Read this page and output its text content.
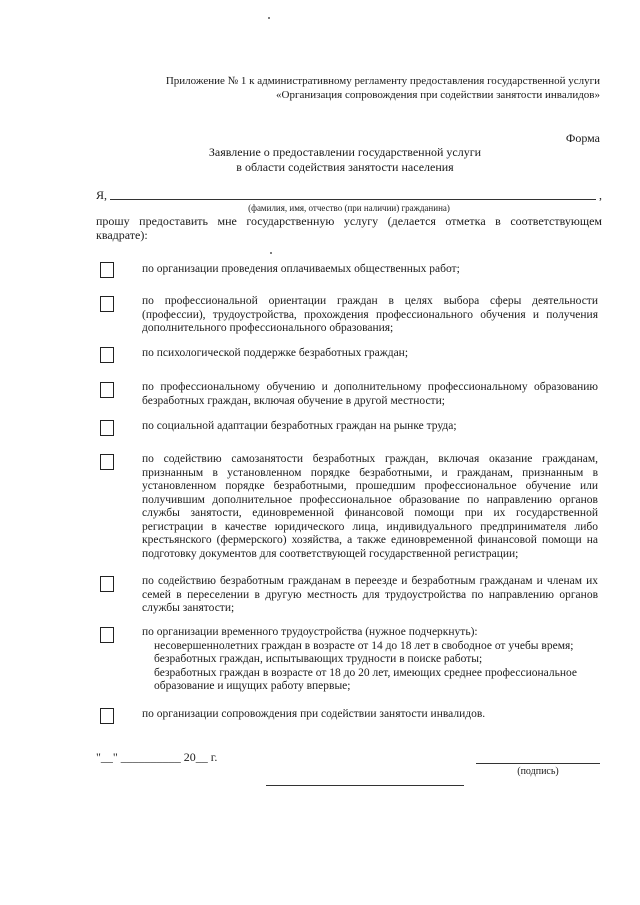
Приложение № 1 к административному регламенту предоставления государственной услуги
«Организация сопровождения при содействии занятости инвалидов»
Форма
Заявление о предоставлении государственной услуги
в области содействия занятости населения
Я,	,
(фамилия, имя, отчество (при наличии) гражданина)
прошу предоставить мне государственную услугу (делается отметка в соответствующем квадрате):
по организации проведения оплачиваемых общественных работ;
по профессиональной ориентации граждан в целях выбора сферы деятельности (профессии), трудоустройства, прохождения профессионального обучения и получения дополнительного профессионального образования;
по психологической поддержке безработных граждан;
по профессиональному обучению и дополнительному профессиональному образованию безработных граждан, включая обучение в другой местности;
по социальной адаптации безработных граждан на рынке труда;
по содействию самозанятости безработных граждан, включая оказание гражданам, признанным в установленном порядке безработными, и гражданам, признанным в установленном порядке безработными, прошедшим профессиональное обучение или получившим дополнительное профессиональное образование по направлению органов службы занятости, единовременной финансовой помощи при их государственной регистрации в качестве юридического лица, индивидуального предпринимателя либо крестьянского (фермерского) хозяйства, а также единовременной финансовой помощи на подготовку документов для соответствующей государственной регистрации;
по содействию безработным гражданам в переезде и безработным гражданам и членам их семей в переселении в другую местность для трудоустройства по направлению органов службы занятости;
по организации временного трудоустройства (нужное подчеркнуть):
несовершеннолетних граждан в возрасте от 14 до 18 лет в свободное от учебы время;
безработных граждан, испытывающих трудности в поиске работы;
безработных граждан в возрасте от 18 до 20 лет, имеющих среднее профессиональное образование и ищущих работу впервые;
по организации сопровождения при содействии занятости инвалидов.
"__" __________ 20__ г.
(подпись)
